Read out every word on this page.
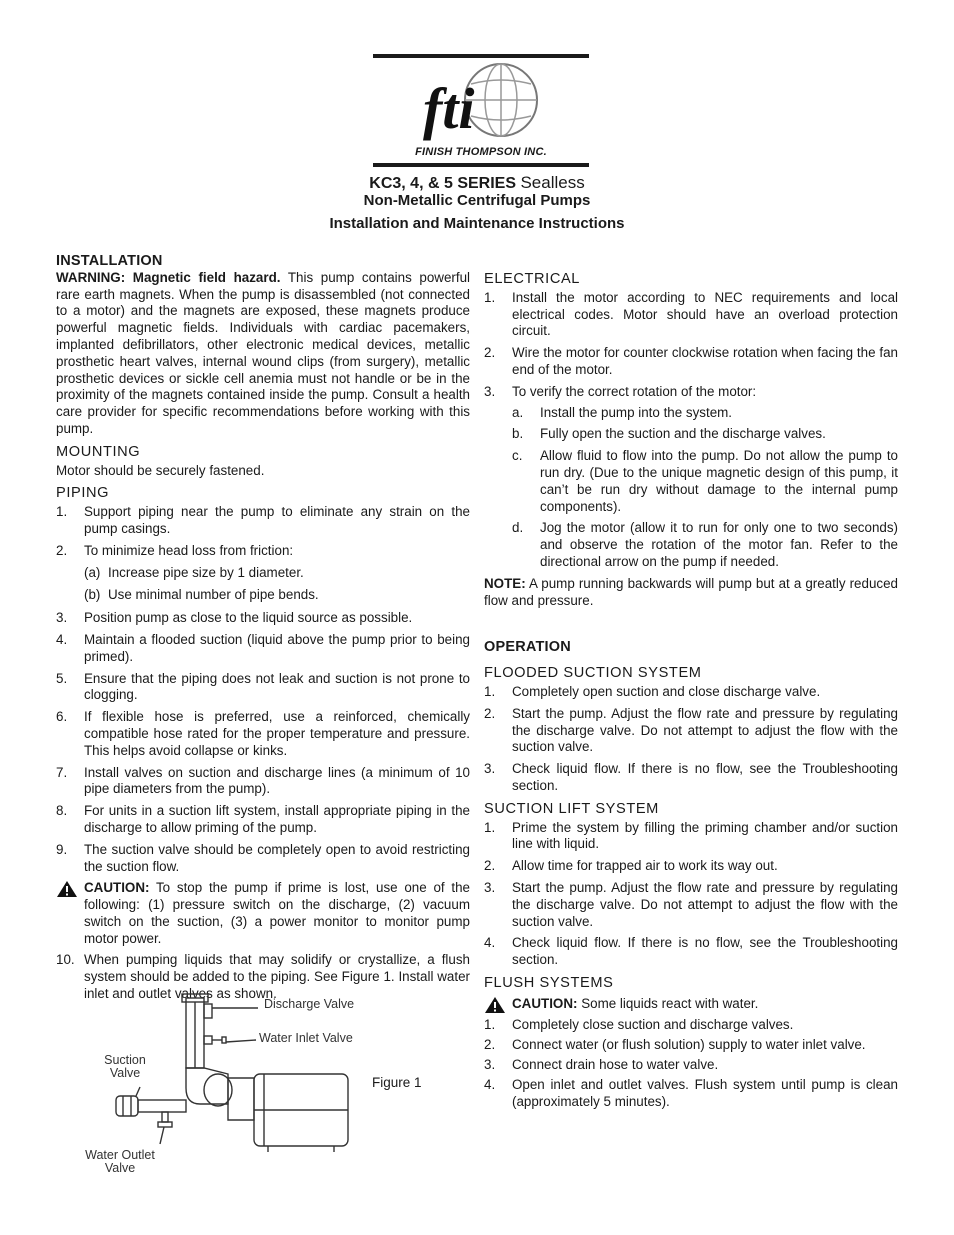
fti
FINISH THOMPSON INC.
KC3, 4, & 5 SERIES Sealless
Non-Metallic Centrifugal Pumps
Installation and Maintenance Instructions
INSTALLATION

WARNING: Magnetic field hazard. This pump contains powerful rare earth magnets. When the pump is disassembled (not connected to a motor) and the magnets are exposed, these magnets produce powerful magnetic fields. Individuals with cardiac pacemakers, implanted defibrillators, other electronic medical devices, metallic prosthetic heart valves, internal wound clips (from surgery), metallic prosthetic devices or sickle cell anemia must not handle or be in the proximity of the magnets contained inside the pump. Consult a health care provider for specific recommendations before working with this pump.

MOUNTING

Motor should be securely fastened.

PIPING
1. Support piping near the pump to eliminate any strain on the pump casings.
2. To minimize head loss from friction:
(a) Increase pipe size by 1 diameter.
(b) Use minimal number of pipe bends.
3. Position pump as close to the liquid source as possible.
4. Maintain a flooded suction (liquid above the pump prior to being primed).
5. Ensure that the piping does not leak and suction is not prone to clogging.
6. If flexible hose is preferred, use a reinforced, chemically compatible hose rated for the proper temperature and pressure. This helps avoid collapse or kinks.
7. Install valves on suction and discharge lines (a minimum of 10 pipe diameters from the pump).
8. For units in a suction lift system, install appropriate piping in the discharge to allow priming of the pump.
9. The suction valve should be completely open to avoid restricting the suction flow.
CAUTION: To stop the pump if prime is lost, use one of the following: (1) pressure switch on the discharge, (2) vacuum switch on the suction, (3) a power monitor to monitor pump motor power.
10. When pumping liquids that may solidify or crystallize, a flush system should be added to the piping. See Figure 1. Install water inlet and outlet valves as shown.
Discharge Valve
Water Inlet Valve
Suction
Valve
Water Outlet
Valve
Figure 1
ELECTRICAL
1. Install the motor according to NEC requirements and local electrical codes. Motor should have an overload protection circuit.
2. Wire the motor for counter clockwise rotation when facing the fan end of the motor.
3. To verify the correct rotation of the motor:
a. Install the pump into the system.
b. Fully open the suction and the discharge valves.
c. Allow fluid to flow into the pump. Do not allow the pump to run dry. (Due to the unique magnetic design of this pump, it can’t be run dry without damage to the internal pump components).
d. Jog the motor (allow it to run for only one to two seconds) and observe the rotation of the motor fan. Refer to the directional arrow on the pump if needed.

NOTE: A pump running backwards will pump but at a greatly reduced flow and pressure.

OPERATION
FLOODED SUCTION SYSTEM
1. Completely open suction and close discharge valve.
2. Start the pump. Adjust the flow rate and pressure by regulating the discharge valve. Do not attempt to adjust the flow with the suction valve.
3. Check liquid flow. If there is no flow, see the Troubleshooting section.
SUCTION LIFT SYSTEM
1. Prime the system by filling the priming chamber and/or suction line with liquid.
2. Allow time for trapped air to work its way out.
3. Start the pump. Adjust the flow rate and pressure by regulating the discharge valve. Do not attempt to adjust the flow with the suction valve.
4. Check liquid flow. If there is no flow, see the Troubleshooting section.
FLUSH SYSTEMS
CAUTION: Some liquids react with water.
1. Completely close suction and discharge valves.
2. Connect water (or flush solution) supply to water inlet valve.
3. Connect drain hose to water valve.
4. Open inlet and outlet valves. Flush system until pump is clean (approximately 5 minutes).
